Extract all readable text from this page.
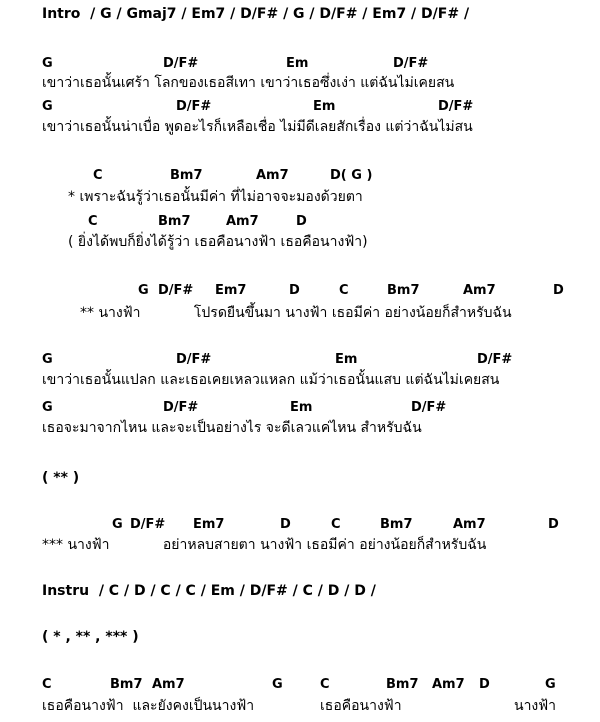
Intro  / G / Gmaj7 / Em7 / D/F# / G / D/F# / Em7 / D/F# /
G	D/F#	Em	D/F#
เขาว่าเธอนั้นเศร้า โลกของเธอสีเทา เขาว่าเธอซึ่งเง่า แต่ฉันไม่เคยสน
G	D/F#	Em	D/F#
เขาว่าเธอนั้นน่าเบื่อ พูดอะไรก็เหลือเชื่อ ไม่มีดีเลยสักเรื่อง แต่ว่าฉันไม่สน
C	Bm7	Am7	D( G )
* เพราะฉันรู้ว่าเธอนั้นมีค่า ที่ไม่อาจจะมองด้วยตา
C	Bm7	Am7	D
( ยิ่งได้พบก็ยิ่งได้รู้ว่า เธอคือนางฟ้า เธอคือนางฟ้า)
G D/F# Em7	D	C	Bm7	Am7	D
** นางฟ้า            โปรดยืนขึ้นมา นางฟ้า เธอมีค่า อย่างน้อยก็สำหรับฉัน
G	D/F#	Em	D/F#
เขาว่าเธอนั้นแปลก และเธอเคยเหลวแหลก แม้ว่าเธอนั้นแสบ แต่ฉันไม่เคยสน
G	D/F#	Em	D/F#
เธอจะมาจากไหน และจะเป็นอย่างไร จะดีเลวแค่ไหน สำหรับฉัน
( ** )
G D/F# Em7	D	C	Bm7	Am7	D
*** นางฟ้า            อย่าหลบสายตา นางฟ้า เธอมีค่า อย่างน้อยก็สำหรับฉัน
Instru  / C / D / C / C / Em / D/F# / C / D / D /
( * , ** , *** )
C	Bm7 Am7	G	C	Bm7 Am7 D	G
เธอคือนางฟ้า  และยังคงเป็นนางฟ้า	เธอคือนางฟ้า	นางฟ้า
